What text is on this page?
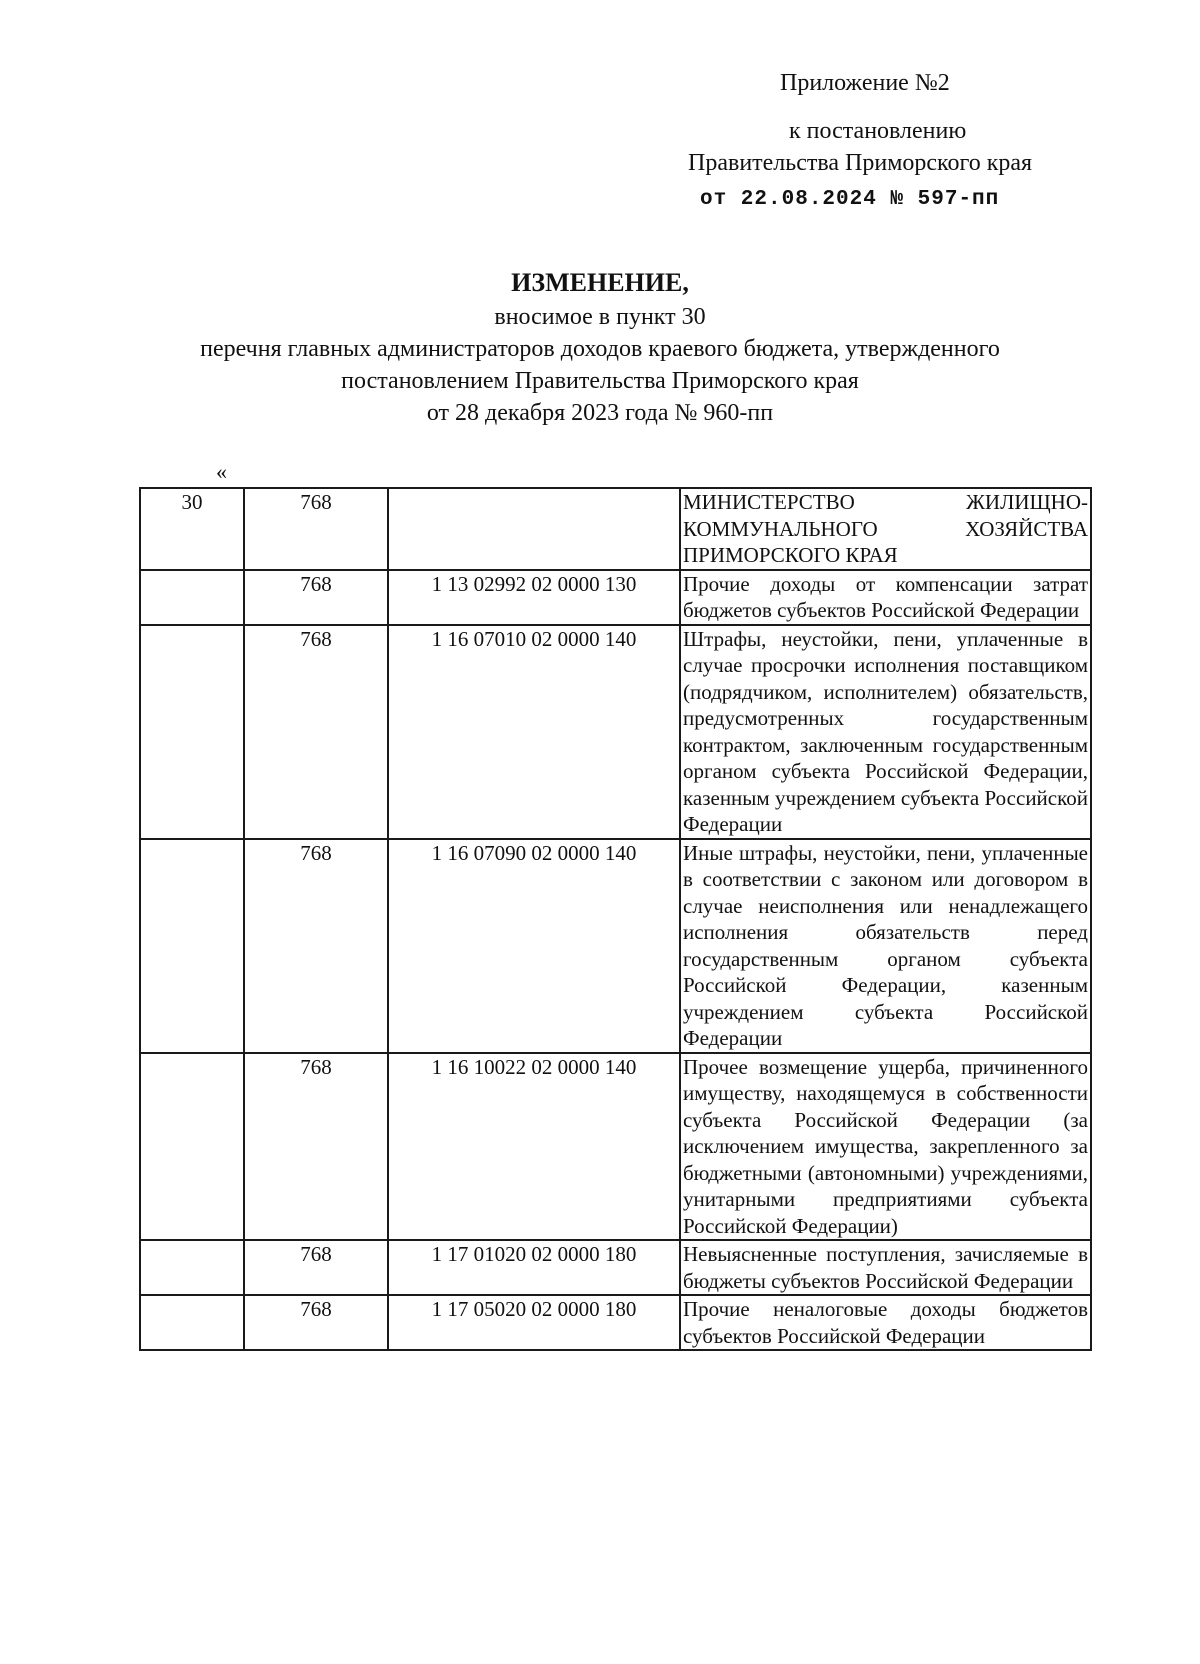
Приложение №2
к постановлению
Правительства Приморского края
от 22.08.2024 № 597-пп
ИЗМЕНЕНИЕ,
вносимое в пункт 30
перечня главных администраторов доходов краевого бюджета, утвержденного
постановлением Правительства Приморского края
от 28 декабря 2023 года № 960-пп
«
30	768		МИНИСТЕРСТВО ЖИЛИЩНО-КОММУНАЛЬНОГО ХОЗЯЙСТВА ПРИМОРСКОГО КРАЯ
	768	1 13 02992 02 0000 130	Прочие доходы от компенсации затрат бюджетов субъектов Российской Федерации
	768	1 16 07010 02 0000 140	Штрафы, неустойки, пени, уплаченные в случае просрочки исполнения поставщиком (подрядчиком, исполнителем) обязательств, предусмотренных государственным контрактом, заключенным государственным органом субъекта Российской Федерации, казенным учреждением субъекта Российской Федерации
	768	1 16 07090 02 0000 140	Иные штрафы, неустойки, пени, уплаченные в соответствии с законом или договором в случае неисполнения или ненадлежащего исполнения обязательств перед государственным органом субъекта Российской Федерации, казенным учреждением субъекта Российской Федерации
	768	1 16 10022 02 0000 140	Прочее возмещение ущерба, причиненного имуществу, находящемуся в собственности субъекта Российской Федерации (за исключением имущества, закрепленного за бюджетными (автономными) учреждениями, унитарными предприятиями субъекта Российской Федерации)
	768	1 17 01020 02 0000 180	Невыясненные поступления, зачисляемые в бюджеты субъектов Российской Федерации
	768	1 17 05020 02 0000 180	Прочие неналоговые доходы бюджетов субъектов Российской Федерации
